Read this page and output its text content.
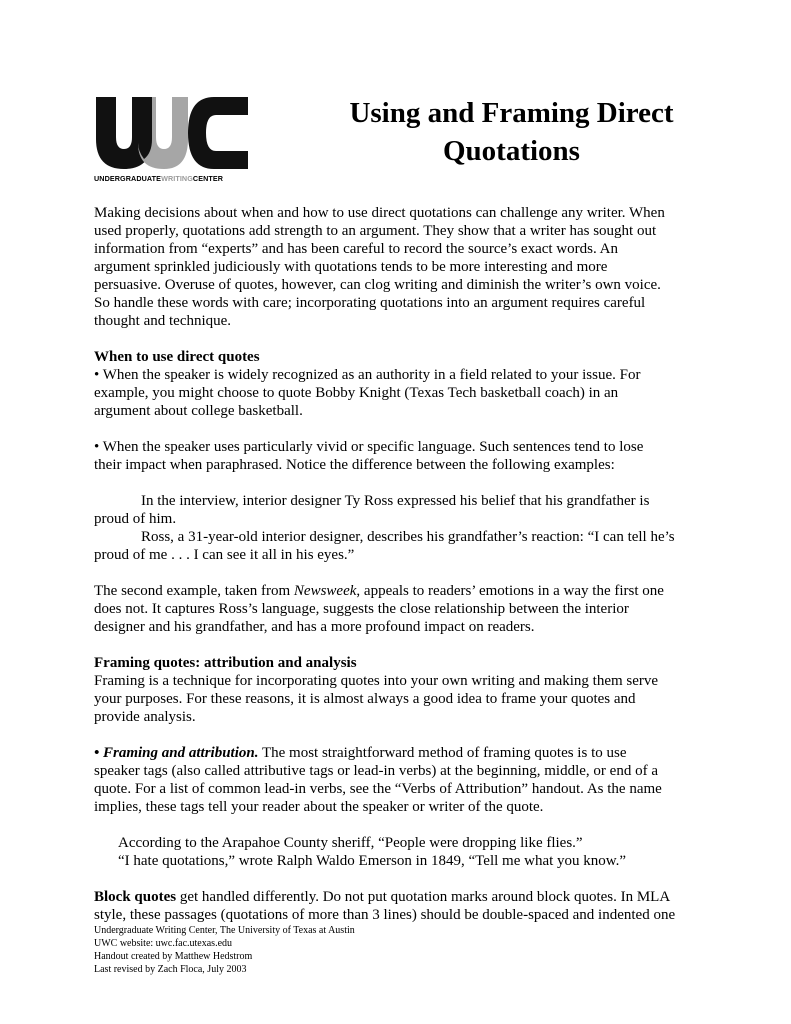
UNDERGRADUATEWRITINGCENTER
Using and Framing Direct
Quotations

Making decisions about when and how to use direct quotations can challenge any writer. When
used properly, quotations add strength to an argument. They show that a writer has sought out
information from “experts” and has been careful to record the source’s exact words. An
argument sprinkled judiciously with quotations tends to be more interesting and more
persuasive. Overuse of quotes, however, can clog writing and diminish the writer’s own voice.
So handle these words with care; incorporating quotations into an argument requires careful
thought and technique.

When to use direct quotes
• When the speaker is widely recognized as an authority in a field related to your issue. For
example, you might choose to quote Bobby Knight (Texas Tech basketball coach) in an
argument about college basketball.

• When the speaker uses particularly vivid or specific language. Such sentences tend to lose
their impact when paraphrased. Notice the difference between the following examples:

In the interview, interior designer Ty Ross expressed his belief that his grandfather is
proud of him.

Ross, a 31-year-old interior designer, describes his grandfather’s reaction: “I can tell he’s
proud of me . . . I can see it all in his eyes.”

The second example, taken from Newsweek, appeals to readers’ emotions in a way the first one
does not. It captures Ross’s language, suggests the close relationship between the interior
designer and his grandfather, and has a more profound impact on readers.

Framing quotes: attribution and analysis
Framing is a technique for incorporating quotes into your own writing and making them serve
your purposes. For these reasons, it is almost always a good idea to frame your quotes and
provide analysis.

• Framing and attribution. The most straightforward method of framing quotes is to use
speaker tags (also called attributive tags or lead-in verbs) at the beginning, middle, or end of a
quote. For a list of common lead-in verbs, see the “Verbs of Attribution” handout. As the name
implies, these tags tell your reader about the speaker or writer of the quote.

According to the Arapahoe County sheriff, “People were dropping like flies.”
“I hate quotations,” wrote Ralph Waldo Emerson in 1849, “Tell me what you know.”

Block quotes get handled differently. Do not put quotation marks around block quotes. In MLA
style, these passages (quotations of more than 3 lines) should be double-spaced and indented one

Undergraduate Writing Center, The University of Texas at Austin
UWC website: uwc.fac.utexas.edu
Handout created by Matthew Hedstrom
Last revised by Zach Floca, July 2003
